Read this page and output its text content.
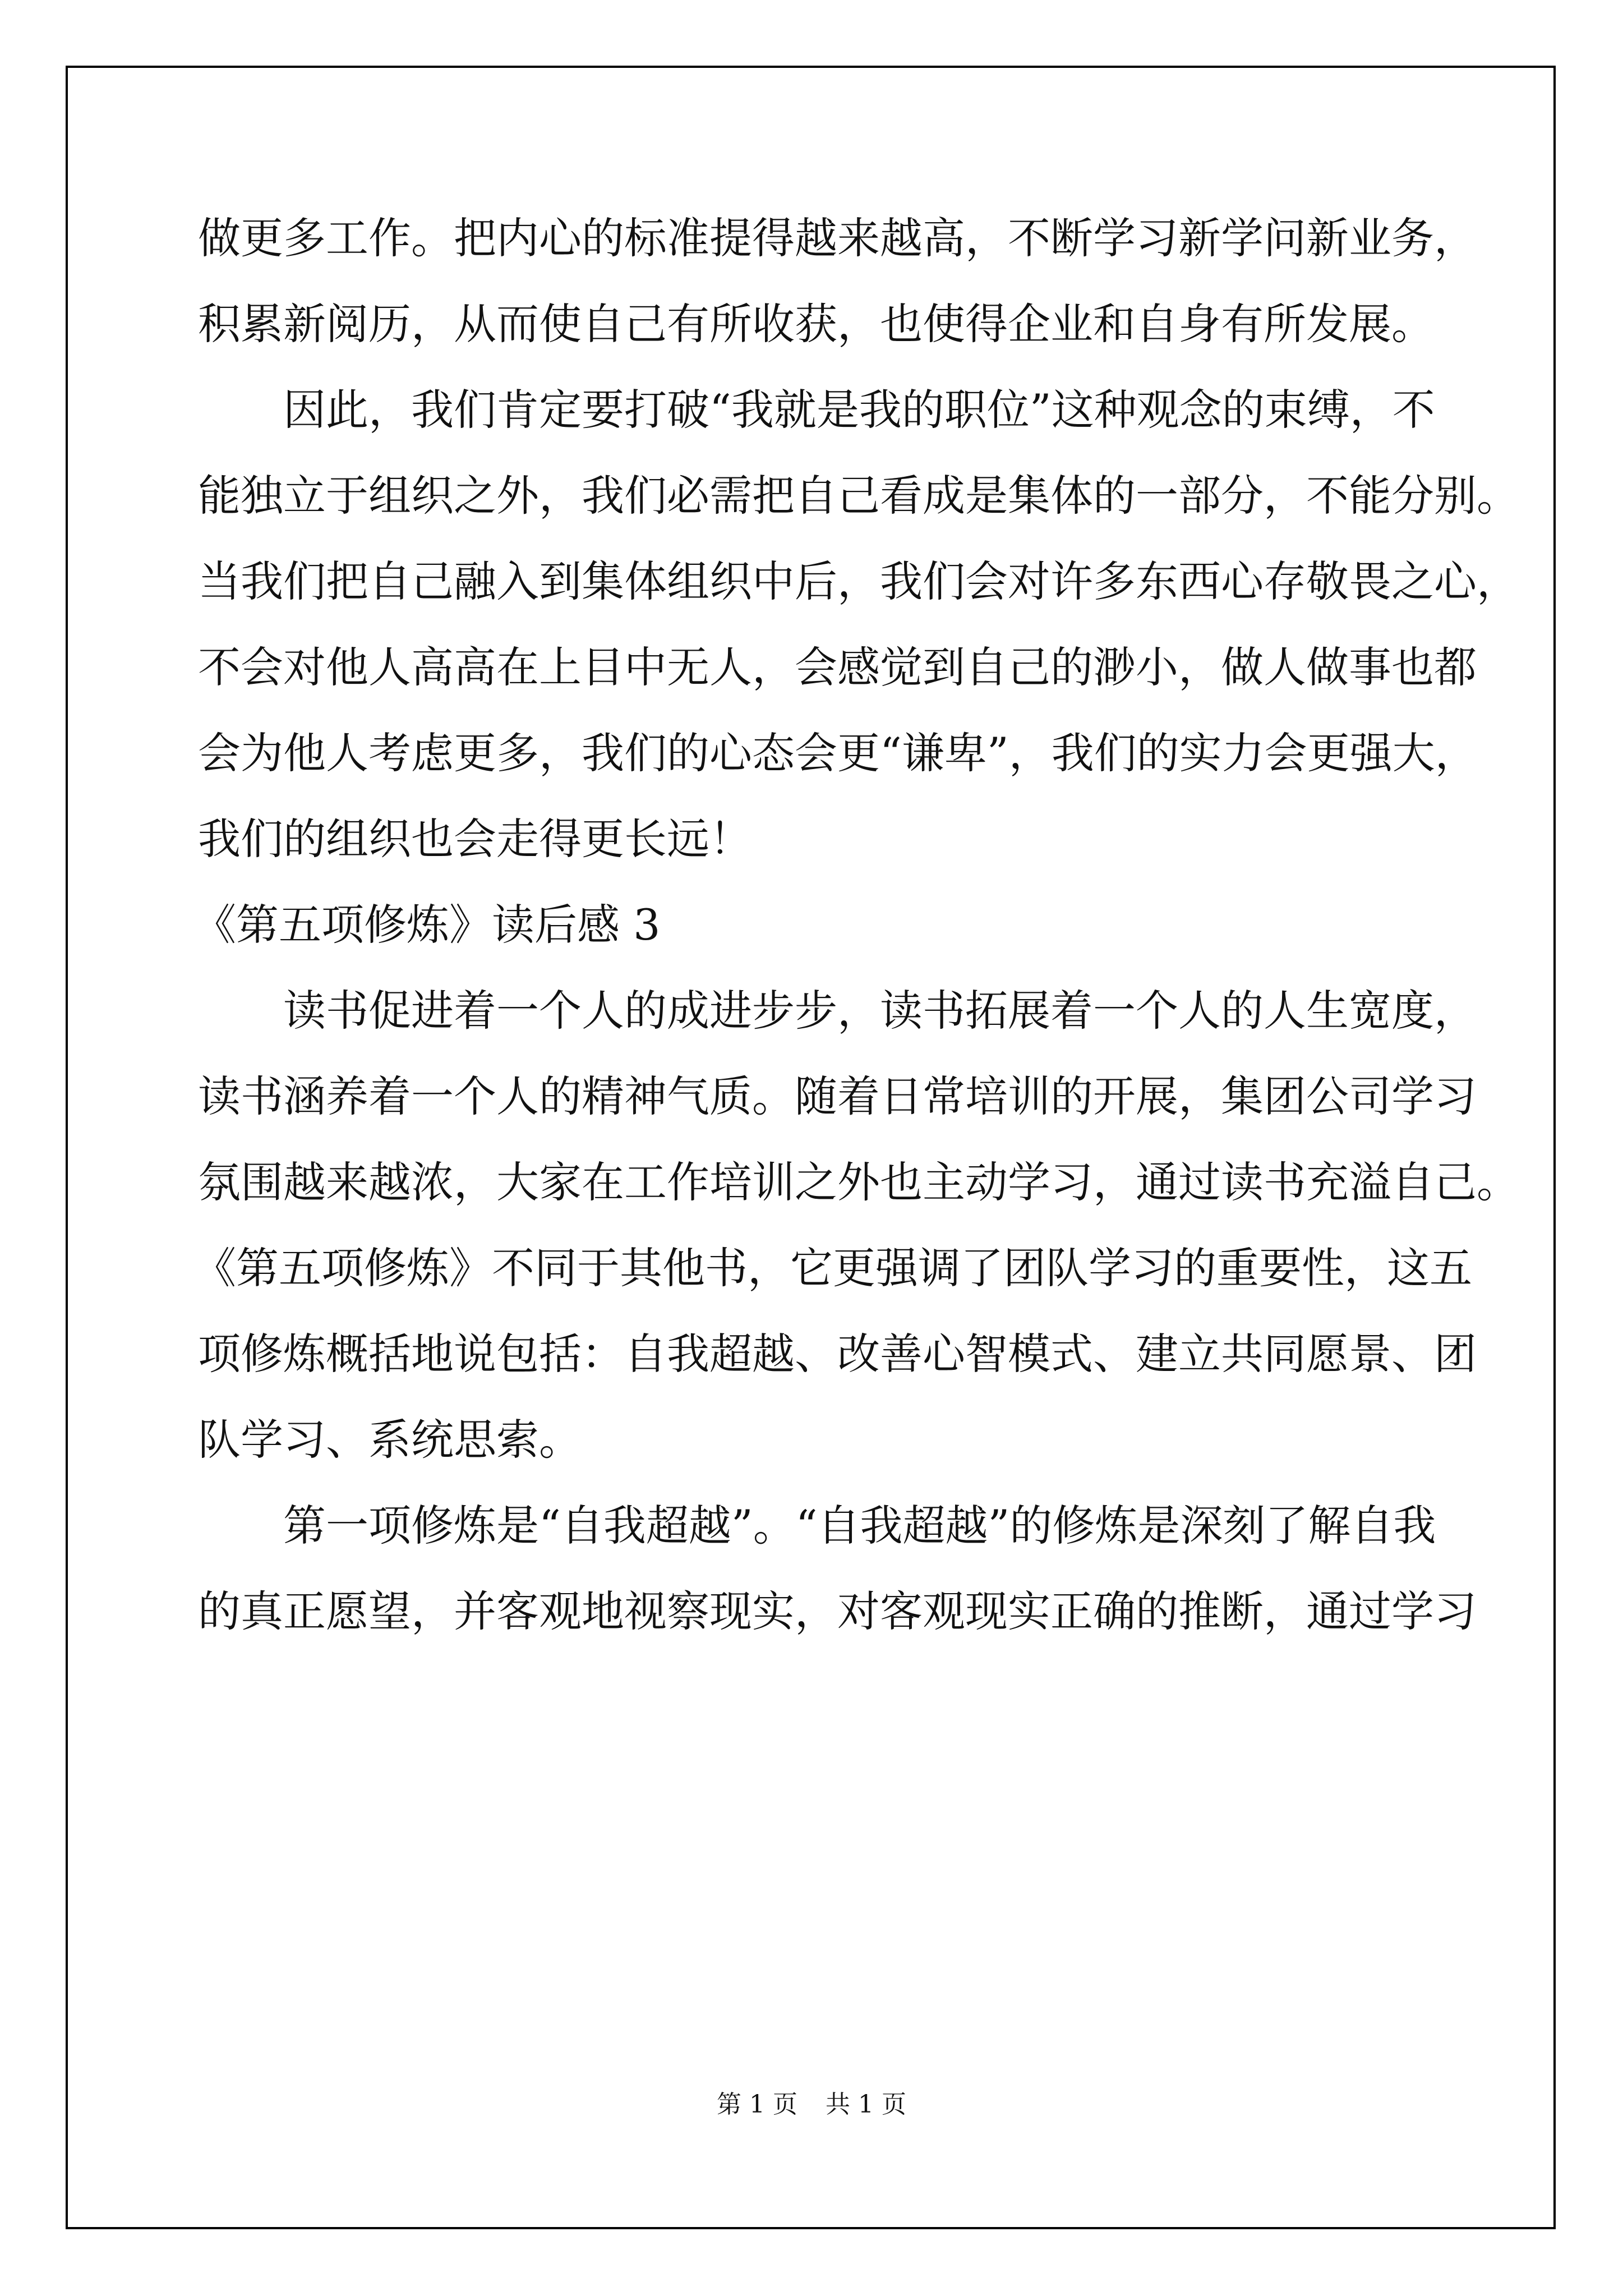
做更多工作。把内心的标准提得越来越高，不断学习新学问新业务，
积累新阅历，从而使自己有所收获，也使得企业和自身有所发展。
因此，我们肯定要打破“我就是我的职位”这种观念的束缚，不
能独立于组织之外，我们必需把自己看成是集体的一部分，不能分别。
当我们把自己融入到集体组织中后，我们会对许多东西心存敬畏之心，
不会对他人高高在上目中无人，会感觉到自己的渺小，做人做事也都
会为他人考虑更多，我们的心态会更“谦卑”，我们的实力会更强大，
我们的组织也会走得更长远！
《第五项修炼》读后感 3
读书促进着一个人的成进步步，读书拓展着一个人的人生宽度，
读书涵养着一个人的精神气质。随着日常培训的开展，集团公司学习
氛围越来越浓，大家在工作培训之外也主动学习，通过读书充溢自己。
《第五项修炼》不同于其他书，它更强调了团队学习的重要性，这五
项修炼概括地说包括：自我超越、改善心智模式、建立共同愿景、团
队学习、系统思索。
第一项修炼是“自我超越”。“自我超越”的修炼是深刻了解自我
的真正愿望，并客观地视察现实，对客观现实正确的推断，通过学习
第 1 页 共 1 页
